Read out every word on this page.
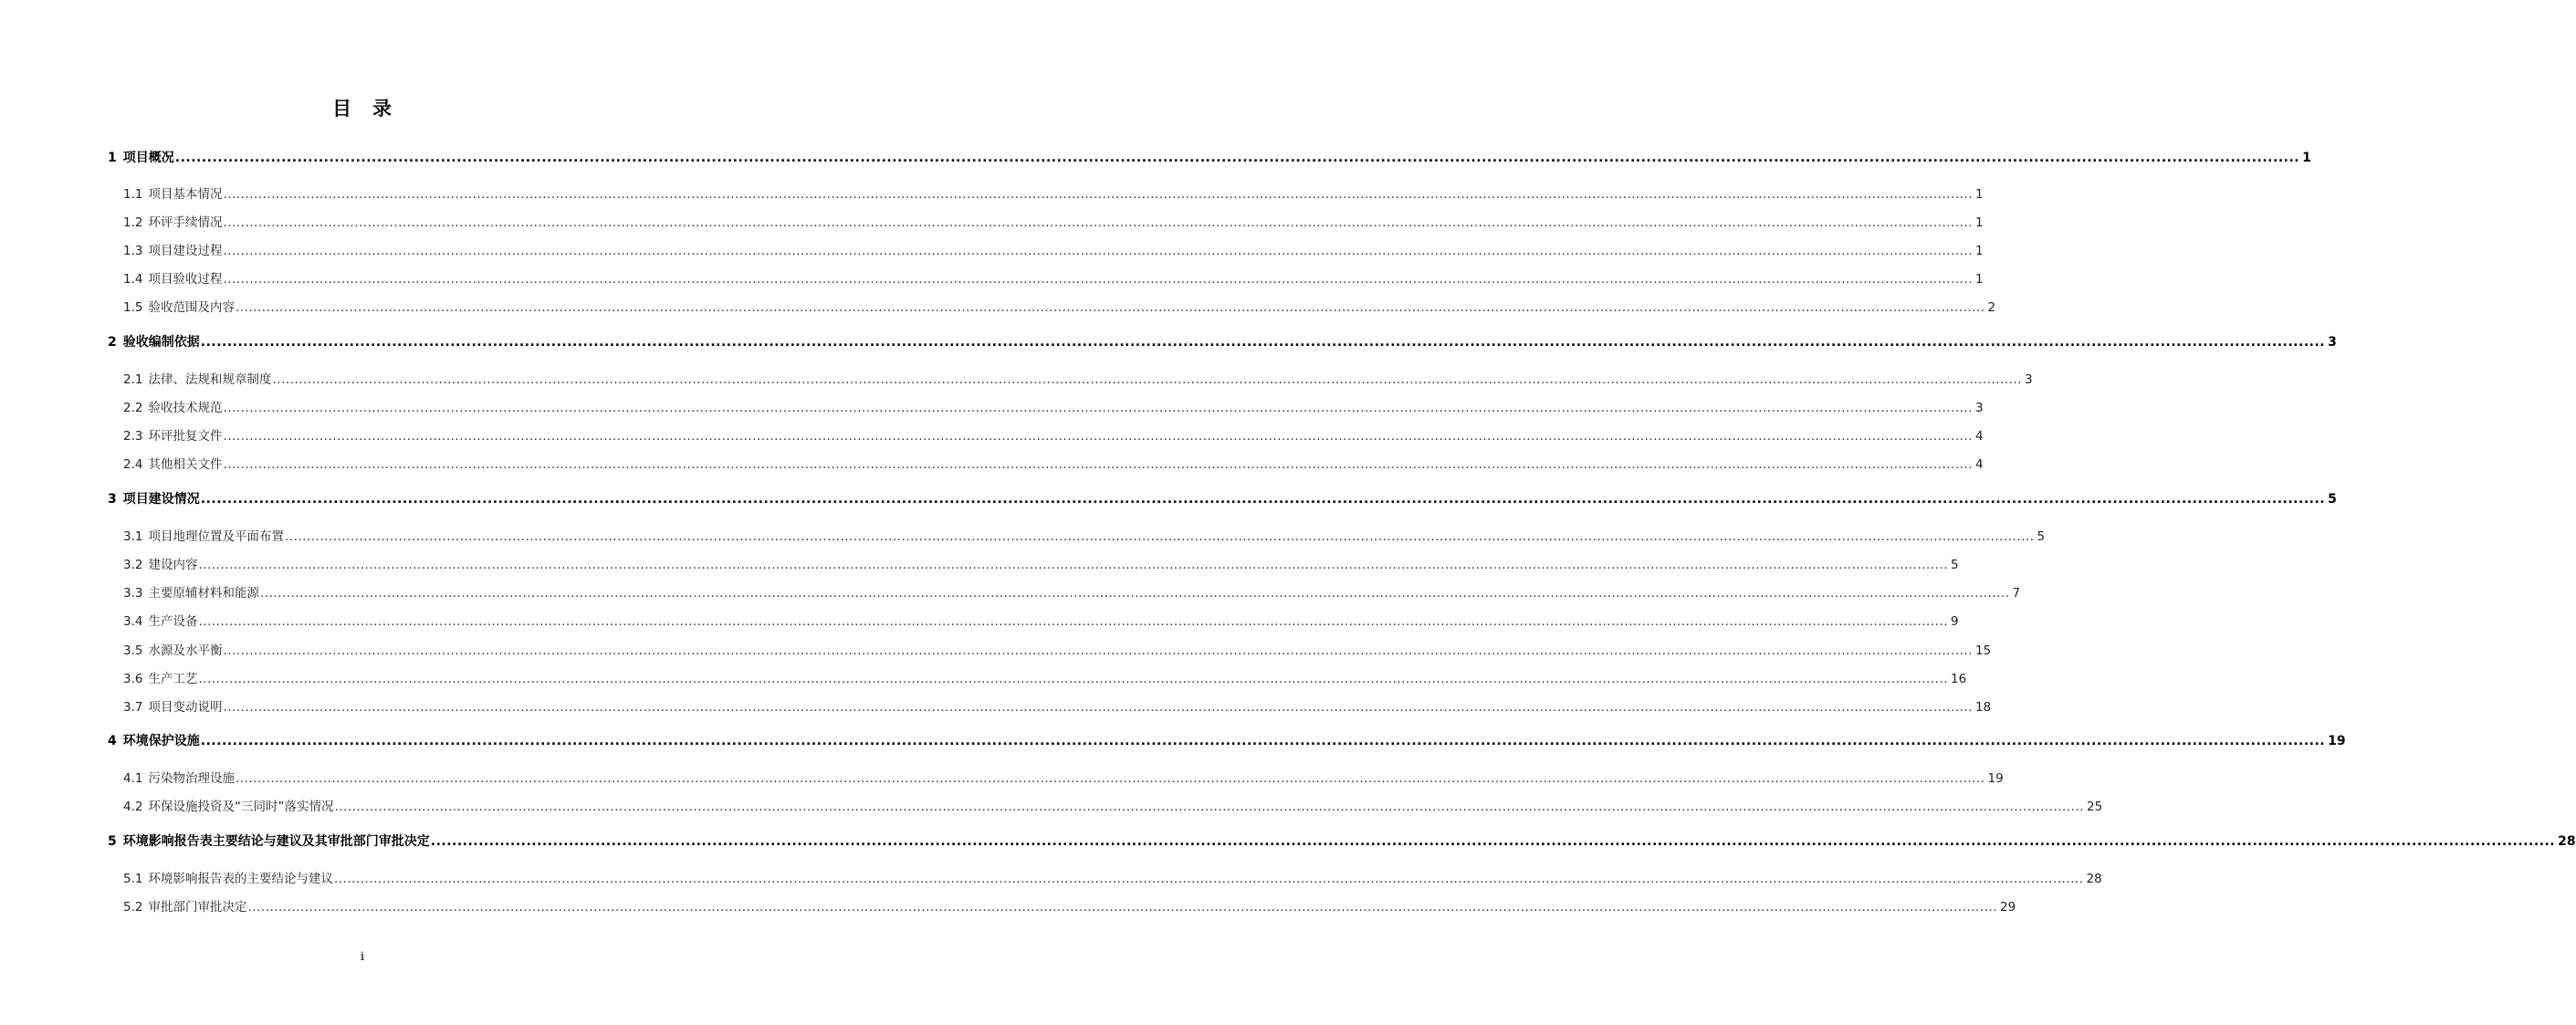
目　录
1 项目概况 ................................................................................................................................................................................................................................................................................................................................................................................................................ 1
1.1 项目基本情况 ................................................................................................................................................................................................................................................................................................................................................................................................................ 1
1.2 环评手续情况 ................................................................................................................................................................................................................................................................................................................................................................................................................ 1
1.3 项目建设过程 ................................................................................................................................................................................................................................................................................................................................................................................................................ 1
1.4 项目验收过程 ................................................................................................................................................................................................................................................................................................................................................................................................................ 1
1.5 验收范围及内容 ................................................................................................................................................................................................................................................................................................................................................................................................................ 2
2 验收编制依据 ................................................................................................................................................................................................................................................................................................................................................................................................................ 3
2.1 法律、法规和规章制度 ................................................................................................................................................................................................................................................................................................................................................................................................................ 3
2.2 验收技术规范 ................................................................................................................................................................................................................................................................................................................................................................................................................ 3
2.3 环评批复文件 ................................................................................................................................................................................................................................................................................................................................................................................................................ 4
2.4 其他相关文件 ................................................................................................................................................................................................................................................................................................................................................................................................................ 4
3 项目建设情况 ................................................................................................................................................................................................................................................................................................................................................................................................................ 5
3.1 项目地理位置及平面布置 ................................................................................................................................................................................................................................................................................................................................................................................................................ 5
3.2 建设内容 ................................................................................................................................................................................................................................................................................................................................................................................................................ 5
3.3 主要原辅材料和能源 ................................................................................................................................................................................................................................................................................................................................................................................................................ 7
3.4 生产设备 ................................................................................................................................................................................................................................................................................................................................................................................................................ 9
3.5 水源及水平衡 ................................................................................................................................................................................................................................................................................................................................................................................................................ 15
3.6 生产工艺 ................................................................................................................................................................................................................................................................................................................................................................................................................ 16
3.7 项目变动说明 ................................................................................................................................................................................................................................................................................................................................................................................................................ 18
4 环境保护设施 ................................................................................................................................................................................................................................................................................................................................................................................................................ 19
4.1 污染物治理设施 ................................................................................................................................................................................................................................................................................................................................................................................................................ 19
4.2 环保设施投资及“三同时”落实情况 ................................................................................................................................................................................................................................................................................................................................................................................................................ 25
5 环境影响报告表主要结论与建议及其审批部门审批决定 ................................................................................................................................................................................................................................................................................................................................................................................................................ 28
5.1 环境影响报告表的主要结论与建议 ................................................................................................................................................................................................................................................................................................................................................................................................................ 28
5.2 审批部门审批决定 ................................................................................................................................................................................................................................................................................................................................................................................................................ 29
i
